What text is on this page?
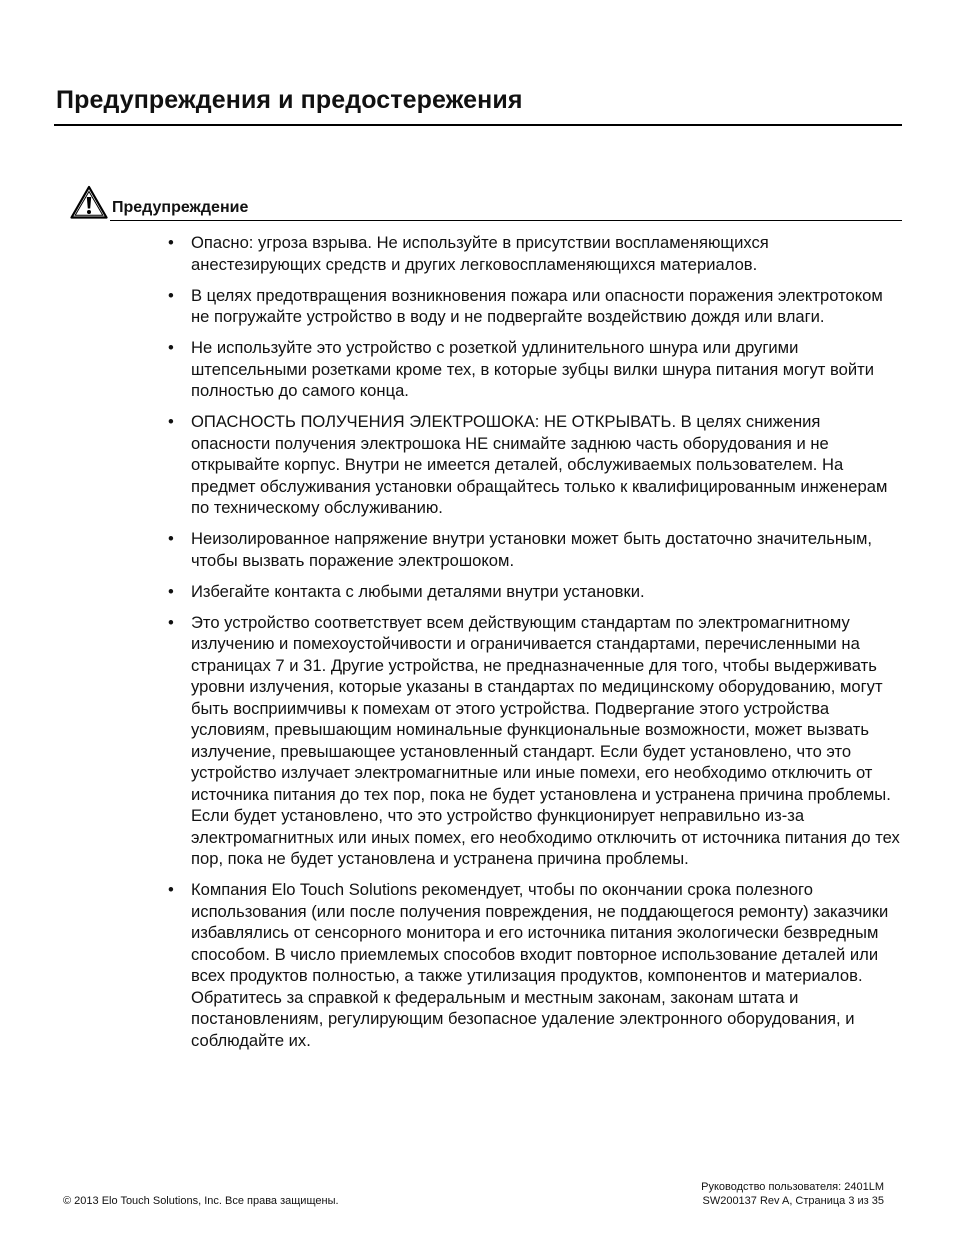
Предупреждения и предостережения
Предупреждение
• Опасно: угроза взрыва. Не используйте в присутствии воспламеняющихся анестезирующих средств и других легковоспламеняющихся материалов.
• В целях предотвращения возникновения пожара или опасности поражения электротоком не погружайте устройство в воду и не подвергайте воздействию дождя или влаги.
• Не используйте это устройство с розеткой удлинительного шнура или другими штепсельными розетками кроме тех, в которые зубцы вилки шнура питания могут войти полностью до самого конца.
• ОПАСНОСТЬ ПОЛУЧЕНИЯ ЭЛЕКТРОШОКА: НЕ ОТКРЫВАТЬ. В целях снижения опасности получения электрошока НЕ снимайте заднюю часть оборудования и не открывайте корпус. Внутри не имеется деталей, обслуживаемых пользователем. На предмет обслуживания установки обращайтесь только к квалифицированным инженерам по техническому обслуживанию.
• Неизолированное напряжение внутри установки может быть достаточно значительным, чтобы вызвать поражение электрошоком.
• Избегайте контакта с любыми деталями внутри установки.
• Это устройство соответствует всем действующим стандартам по электромагнитному излучению и помехоустойчивости и ограничивается стандартами, перечисленными на страницах 7 и 31. Другие устройства, не предназначенные для того, чтобы выдерживать уровни излучения, которые указаны в стандартах по медицинскому оборудованию, могут быть восприимчивы к помехам от этого устройства. Подвергание этого устройства условиям, превышающим номинальные функциональные возможности, может вызвать излучение, превышающее установленный стандарт. Если будет установлено, что это устройство излучает электромагнитные или иные помехи, его необходимо отключить от источника питания до тех пор, пока не будет установлена и устранена причина проблемы. Если будет установлено, что это устройство функционирует неправильно из-за электромагнитных или иных помех, его необходимо отключить от источника питания до тех пор, пока не будет установлена и устранена причина проблемы.
• Компания Elo Touch Solutions рекомендует, чтобы по окончании срока полезного использования (или после получения повреждения, не поддающегося ремонту) заказчики избавлялись от сенсорного монитора и его источника питания экологически безвредным способом. В число приемлемых способов входит повторное использование деталей или всех продуктов полностью, а также утилизация продуктов, компонентов и материалов. Обратитесь за справкой к федеральным и местным законам, законам штата и постановлениям, регулирующим безопасное удаление электронного оборудования, и соблюдайте их.
© 2013 Elo Touch Solutions, Inc. Все права защищены.
Руководство пользователя: 2401LM
SW200137 Rev A, Страница 3 из 35
